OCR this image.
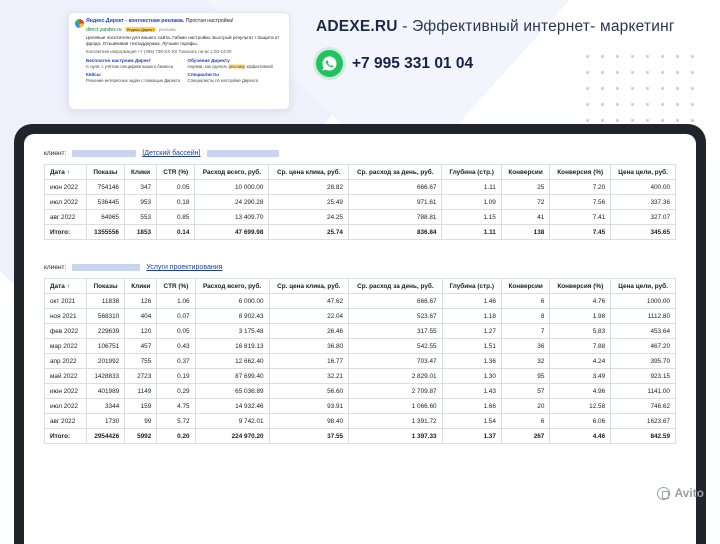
Яндекс.Директ - контекстная реклама. Простая настройка!
direct.yandex.ru	Яндекс.Директ	реклама
Целевые посетители для вашего сайта. Гибкие настройки. Быстрый результат ! Защита от фрода. Отзывчивая техподдержка. Лучшие тарифы.
Контактная информация +7 (495) 739-XX-XX Показать пн-вс 1:00-24:00
Бесплатно настроим Директ
С нуля, с учётом специфики вашего бизнеса
Кейсы
Решение интересных задач с помощью Директа
Обучение Директу
Научим, как сделать рекламу эффективной
Специалисты
Специалисты по настройке Директа
ADEXE.RU - Эффективный интернет- маркетинг
+7 995 331 01 04
клиент:	[Детский бассейн]
Дата ↑	Показы	Клики	CTR (%)	Расход всего, руб.	Ср. цена клика, руб.	Ср. расход за день, руб.	Глубина (стр.)	Конверсии	Конверсия (%)	Цена цели, руб.
июн 2022	754146	347	0.05	10 000.00	28.82	666.67	1.11	25	7.20	400.00
июл 2022	536445	953	0.18	24 290.28	25.49	971.61	1.09	72	7.56	337.36
авг 2022	64965	553	0.85	13 409.70	24.25	788.81	1.15	41	7.41	327.07
Итого:	1355556	1853	0.14	47 699.98	25.74	836.84	1.11	138	7.45	345.65
клиент:	Услуги проектирования
Дата ↑	Показы	Клики	CTR (%)	Расход всего, руб.	Ср. цена клика, руб.	Ср. расход за день, руб.	Глубина (стр.)	Конверсии	Конверсия (%)	Цена цели, руб.
окт 2021	11838	126	1.06	6 000.00	47.62	666.67	1.46	6	4.76	1000.00
ноя 2021	568310	404	0.07	8 902.43	22.04	523.67	1.18	8	1.98	1112.80
фев 2022	229639	120	0.05	3 175.48	26.46	317.55	1.27	7	5.83	453.64
мар 2022	106751	457	0.43	16 819.13	36.80	542.55	1.51	36	7.88	467.20
апр 2022	201992	755	0.37	12 662.40	16.77	703.47	1.36	32	4.24	395.70
май 2022	1428833	2723	0.19	87 699.40	32.21	2 829.01	1.30	95	3.49	923.15
июн 2022	401989	1149	0.29	65 036.89	56.60	2 709.87	1.43	57	4.96	1141.00
июл 2022	3344	159	4.75	14 932.46	93.91	1 066.60	1.66	20	12.58	746.62
авг 2022	1730	99	5.72	9 742.01	98.40	1 391.72	1.54	6	6.06	1623.67
Итого:	2954426	5992	0.20	224 970.20	37.55	1 397.33	1.37	267	4.46	842.59
Avito
